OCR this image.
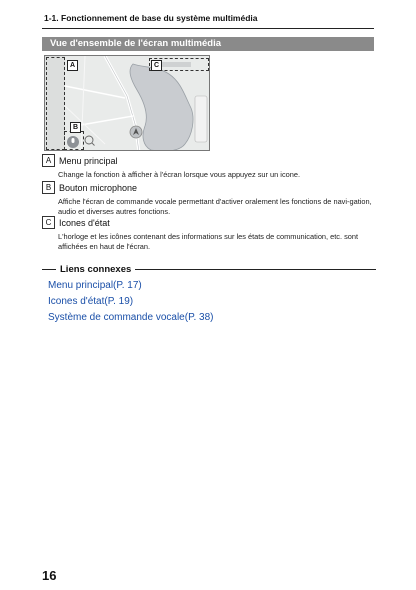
1-1. Fonctionnement de base du système multimédia
Vue d'ensemble de l'écran multimédia
A	C
B
A Menu principal
Change la fonction à afficher à l'écran lorsque vous appuyez sur un icone.
B Bouton microphone
Affiche l'écran de commande vocale permettant d'activer oralement les fonctions de navi-gation, audio et diverses autres fonctions.
C Icones d'état
L'horloge et les icônes contenant des informations sur les états de communication, etc. sont affichées en haut de l'écran.
Liens connexes
Menu principal(P. 17)
Icones d'état(P. 19)
Système de commande vocale(P. 38)
16
